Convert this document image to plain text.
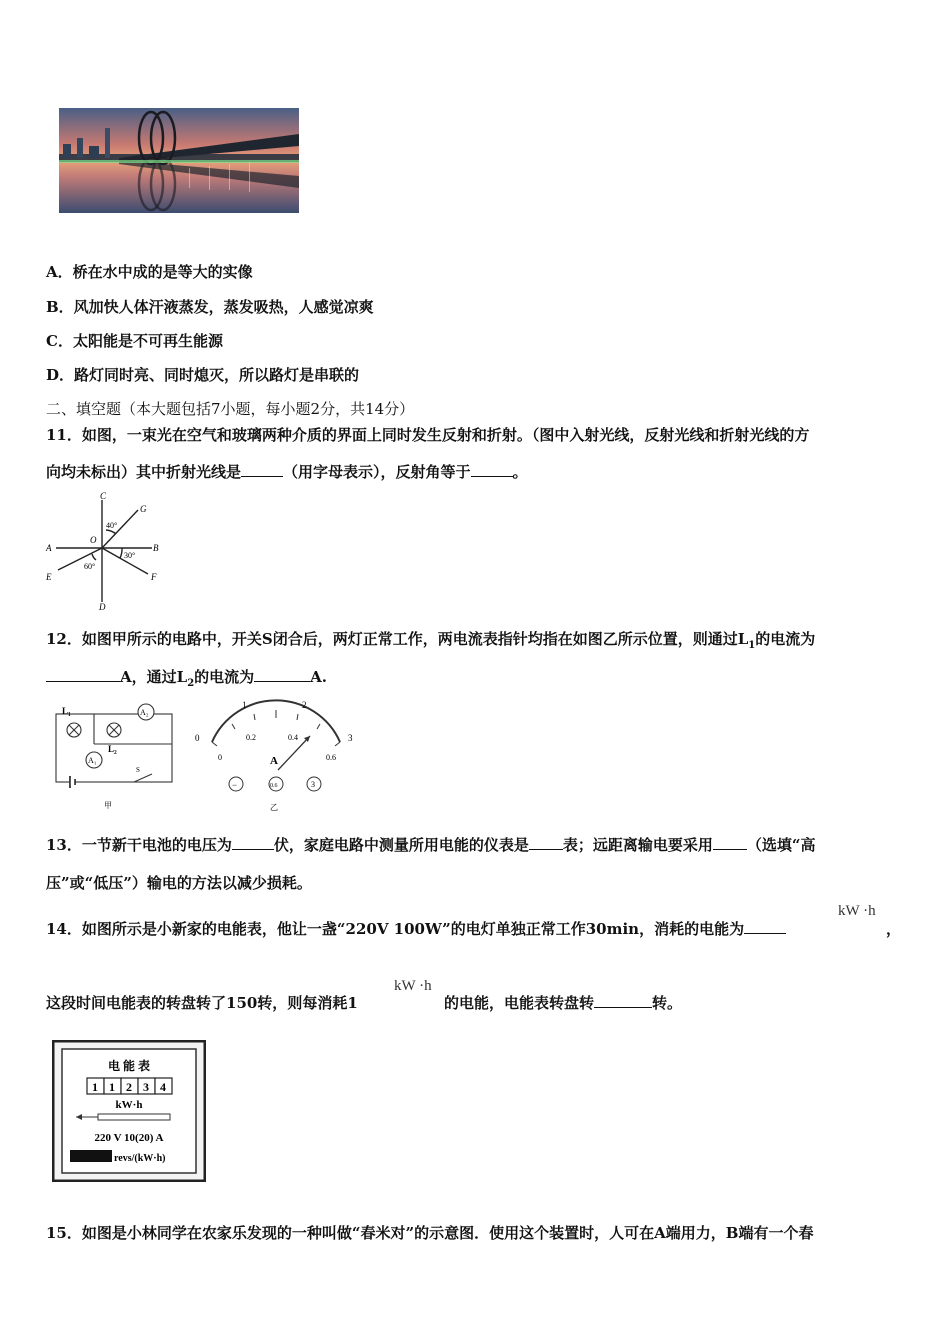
A．桥在水中成的是等大的实像
B．风加快人体汗液蒸发，蒸发吸热，人感觉凉爽
C．太阳能是不可再生能源
D．路灯同时亮、同时熄灭，所以路灯是串联的
二、填空题（本大题包括7小题，每小题2分，共14分）
11．如图，一束光在空气和玻璃两种介质的界面上同时发生反射和折射。（图中入射光线，反射光线和折射光线的方
向均未标出）其中折射光线是	（用字母表示），反射角等于	。
C
G
A
O
B
E	F
D
40°
30°
60°
12．如图甲所示的电路中，开关S闭合后，两灯正常工作，两电流表指针均指在如图乙所示位置，则通过$L_1$的电流为
A，通过$L_2$的电流为	A.
L₁
L₂
A₂
A₁
S
甲
0
1	2
3
0
0.2	0.4
0.6
A
−	0.6	3
乙
13．一节新干电池的电压为	伏，家庭电路中测量所用电能的仪表是 表；远距离输电要采用 （选填“高
压”或“低压”）输电的方法以减少损耗。
14．如图所示是小新家的电能表，他让一盏“220V 100W”的电灯单独正常工作30min，消耗的电能为
kW ·h
，
这段时间电能表的转盘转了150转，则每消耗1
kW ·h
的电能，电能表转盘转	转。
电 能 表
1 1 2 3 4
kW·h
220 V 10(20) A
revs/(kW·h)
15．如图是小林同学在农家乐发现的一种叫做“春米对”的示意图．使用这个装置时，人可在A端用力，B端有一个春
